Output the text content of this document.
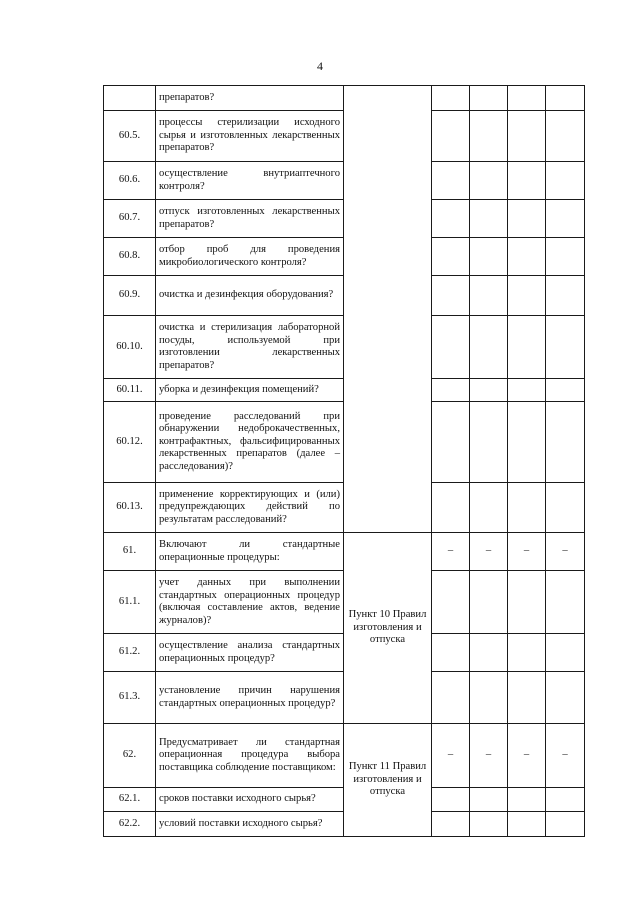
4
	препаратов?					
60.5.	процессы стерилизации исходного сырья и изготовленных лекарственных препаратов?					
60.6.	осуществление внутриаптечного контроля?					
60.7.	отпуск изготовленных лекарственных препаратов?					
60.8.	отбор проб для проведения микробиологического контроля?					
60.9.	очистка и дезинфекция оборудования?					
60.10.	очистка и стерилизация лабораторной посуды, используемой при изготовлении лекарственных препаратов?					
60.11.	уборка и дезинфекция помещений?					
60.12.	проведение расследований при обнаружении недоброкачественных, контрафактных, фальсифицированных лекарственных препаратов (далее – расследования)?					
60.13.	применение корректирующих и (или) предупреждающих действий по результатам расследований?					
61.	Включают ли стандартные операционные процедуры:	Пункт 10 Правил изготовления и отпуска	–	–	–	–
61.1.	учет данных при выполнении стандартных операционных процедур (включая составление актов, ведение журналов)?					
61.2.	осуществление анализа стандартных операционных процедур?					
61.3.	установление причин нарушения стандартных операционных процедур?					
62.	Предусматривает ли стандартная операционная процедура выбора поставщика соблюдение поставщиком:	Пункт 11 Правил изготовления и отпуска	–	–	–	–
62.1.	сроков поставки исходного сырья?					
62.2.	условий поставки исходного сырья?					
